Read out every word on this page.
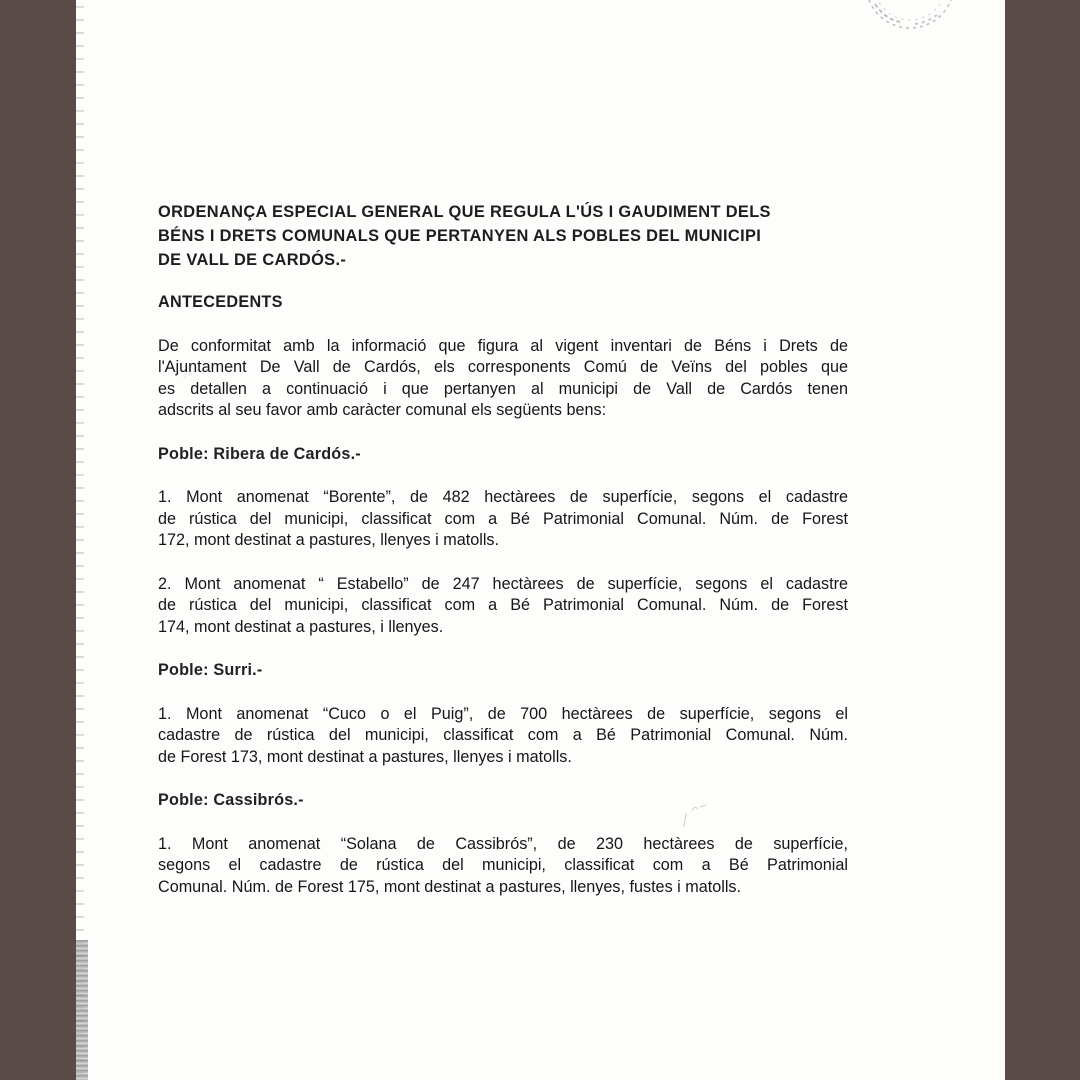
ORDENANÇA ESPECIAL GENERAL QUE REGULA L'ÚS I GAUDIMENT DELS
BÉNS I DRETS COMUNALS QUE PERTANYEN ALS POBLES DEL MUNICIPI
DE VALL DE CARDÓS.-
ANTECEDENTS
De conformitat amb la informació que figura al vigent inventari de Béns i Drets de
l'Ajuntament De Vall de Cardós, els corresponents Comú de Veïns del pobles que
es detallen a continuació i que pertanyen al municipi de Vall de Cardós tenen
adscrits al seu favor amb caràcter comunal els següents bens:
Poble: Ribera de Cardós.-
1. Mont anomenat “Borente”, de 482 hectàrees de superfície, segons el cadastre
de rústica del municipi, classificat com a Bé Patrimonial Comunal. Núm. de Forest
172, mont destinat a pastures, llenyes i matolls.
2. Mont anomenat “ Estabello” de 247 hectàrees de superfície, segons el cadastre
de rústica del municipi, classificat com a Bé Patrimonial Comunal. Núm. de Forest
174, mont destinat a pastures, i llenyes.
Poble: Surri.-
1. Mont anomenat “Cuco o el Puig”, de 700 hectàrees de superfície, segons el
cadastre de rústica del municipi, classificat com a Bé Patrimonial Comunal. Núm.
de Forest 173, mont destinat a pastures, llenyes i matolls.
Poble: Cassibrós.-
1. Mont anomenat “Solana de Cassibrós”, de 230 hectàrees de superfície,
segons el cadastre de rústica del municipi, classificat com a Bé Patrimonial
Comunal. Núm. de Forest 175, mont destinat a pastures, llenyes, fustes i matolls.
